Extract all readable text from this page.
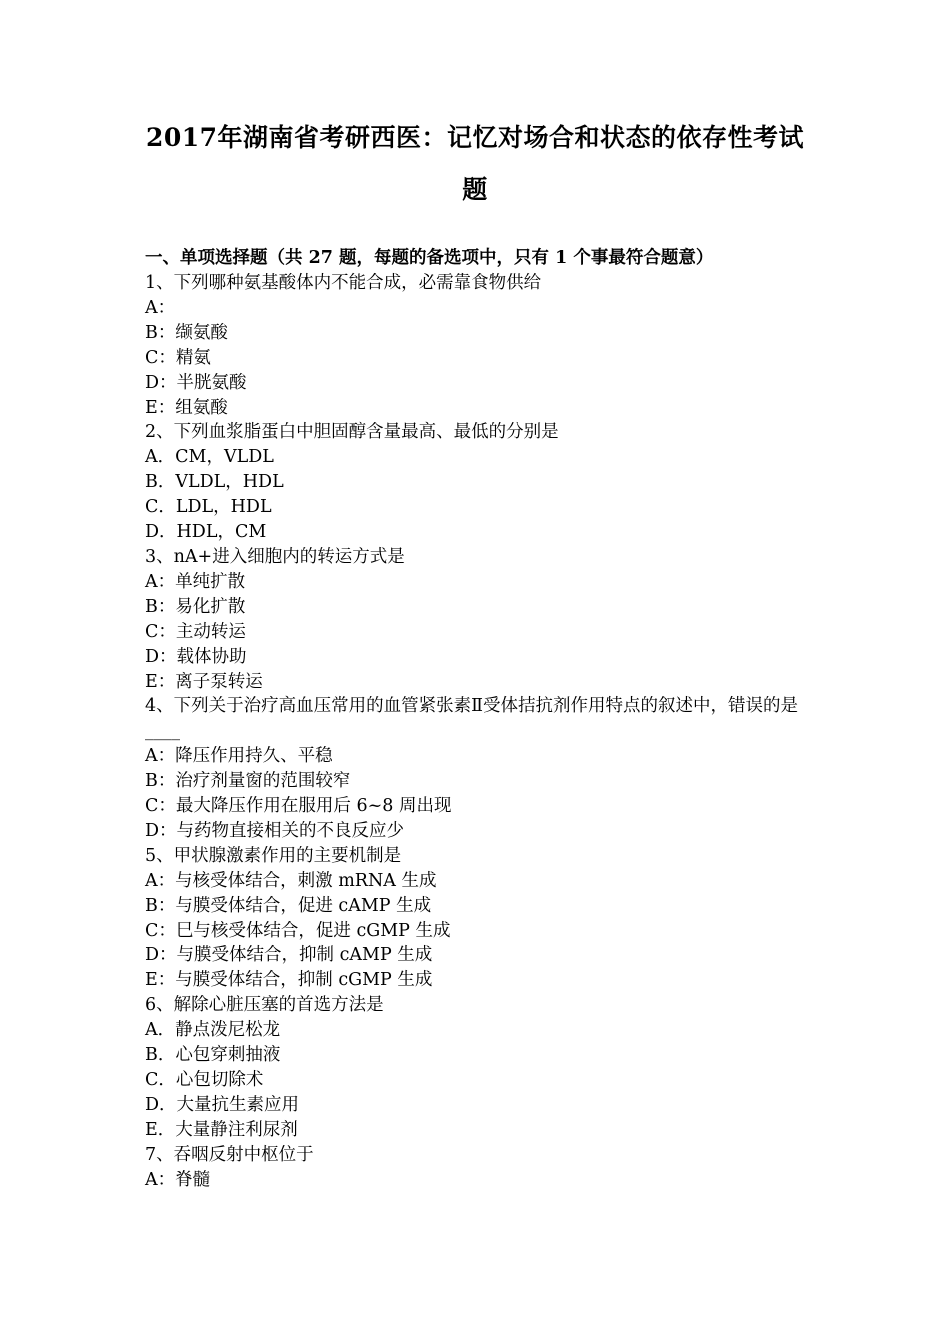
2017年湖南省考研西医：记忆对场合和状态的依存性考试题
一、单项选择题（共 27 题，每题的备选项中，只有 1 个事最符合题意）
1、下列哪种氨基酸体内不能合成，必需靠食物供给
A：
B：缬氨酸
C：精氨
D：半胱氨酸
E：组氨酸
2、下列血浆脂蛋白中胆固醇含量最高、最低的分别是
A．CM，VLDL
B．VLDL，HDL
C．LDL，HDL
D．HDL，CM
3、nA+进入细胞内的转运方式是
A：单纯扩散
B：易化扩散
C：主动转运
D：载体协助
E：离子泵转运
4、下列关于治疗高血压常用的血管紧张素Ⅱ受体拮抗剂作用特点的叙述中，错误的是____
A：降压作用持久、平稳
B：治疗剂量窗的范围较窄
C：最大降压作用在服用后 6~8 周出现
D：与药物直接相关的不良反应少
5、甲状腺激素作用的主要机制是
A：与核受体结合，刺激 mRNA 生成
B：与膜受体结合，促进 cAMP 生成
C：巳与核受体结合，促进 cGMP 生成
D：与膜受体结合，抑制 cAMP 生成
E：与膜受体结合，抑制 cGMP 生成
6、解除心脏压塞的首选方法是
A．静点泼尼松龙
B．心包穿刺抽液
C．心包切除术
D．大量抗生素应用
E．大量静注利尿剂
7、吞咽反射中枢位于
A：脊髓
